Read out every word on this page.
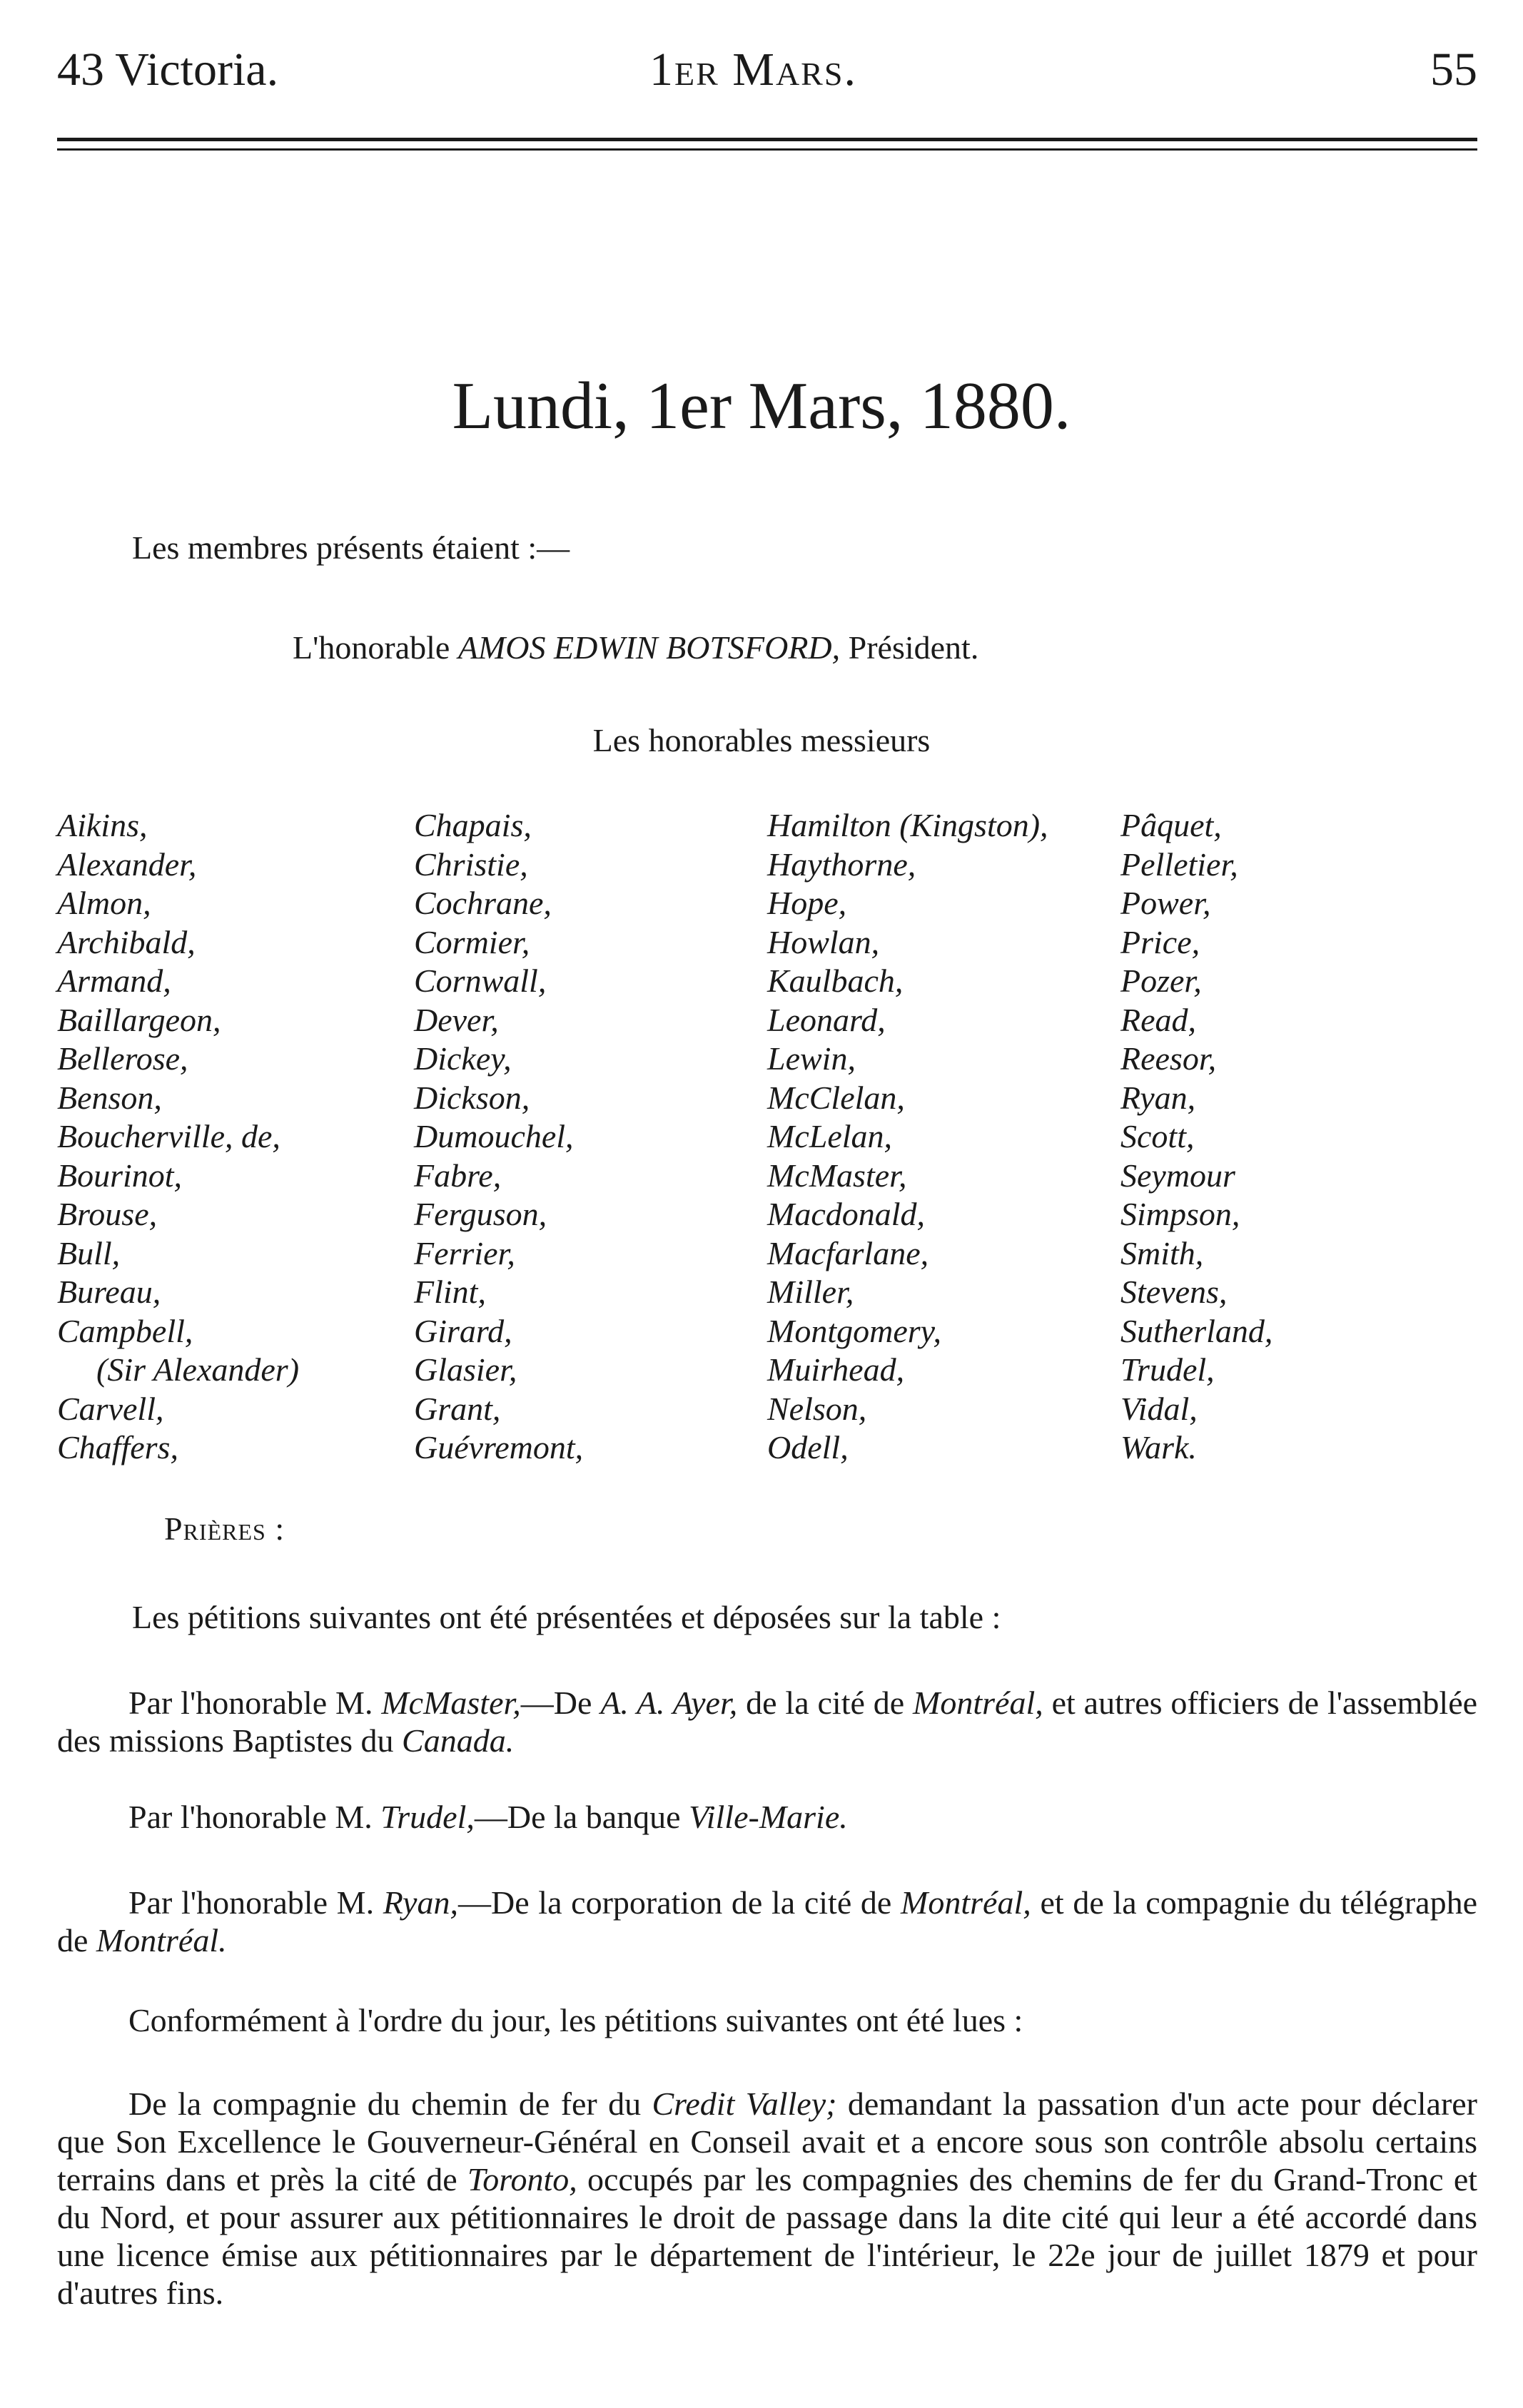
43 Victoria.	1er Mars.	55
Lundi, 1er Mars, 1880.
Les membres présents étaient :—
L'honorable AMOS EDWIN BOTSFORD, Président.
Les honorables messieurs
Aikins,
Alexander,
Almon,
Archibald,
Armand,
Baillargeon,
Bellerose,
Benson,
Boucherville, de,
Bourinot,
Brouse,
Bull,
Bureau,
Campbell,
(Sir Alexander)
Carvell,
Chaffers,
Chapais,
Christie,
Cochrane,
Cormier,
Cornwall,
Dever,
Dickey,
Dickson,
Dumouchel,
Fabre,
Ferguson,
Ferrier,
Flint,
Girard,
Glasier,
Grant,
Guévremont,
Hamilton (Kingston),
Haythorne,
Hope,
Howlan,
Kaulbach,
Leonard,
Lewin,
McClelan,
McLelan,
McMaster,
Macdonald,
Macfarlane,
Miller,
Montgomery,
Muirhead,
Nelson,
Odell,
Pâquet,
Pelletier,
Power,
Price,
Pozer,
Read,
Reesor,
Ryan,
Scott,
Seymour
Simpson,
Smith,
Stevens,
Sutherland,
Trudel,
Vidal,
Wark.
Prières :
Les pétitions suivantes ont été présentées et déposées sur la table :
Par l'honorable M. McMaster,—De A. A. Ayer, de la cité de Montréal, et autres officiers de l'assemblée des missions Baptistes du Canada.
Par l'honorable M. Trudel,—De la banque Ville-Marie.
Par l'honorable M. Ryan,—De la corporation de la cité de Montréal, et de la compagnie du télégraphe de Montréal.
Conformément à l'ordre du jour, les pétitions suivantes ont été lues :
De la compagnie du chemin de fer du Credit Valley; demandant la passation d'un acte pour déclarer que Son Excellence le Gouverneur-Général en Conseil avait et a encore sous son contrôle absolu certains terrains dans et près la cité de Toronto, occupés par les compagnies des chemins de fer du Grand-Tronc et du Nord, et pour assurer aux pétitionnaires le droit de passage dans la dite cité qui leur a été accordé dans une licence émise aux pétitionnaires par le département de l'intérieur, le 22e jour de juillet 1879 et pour d'autres fins.
